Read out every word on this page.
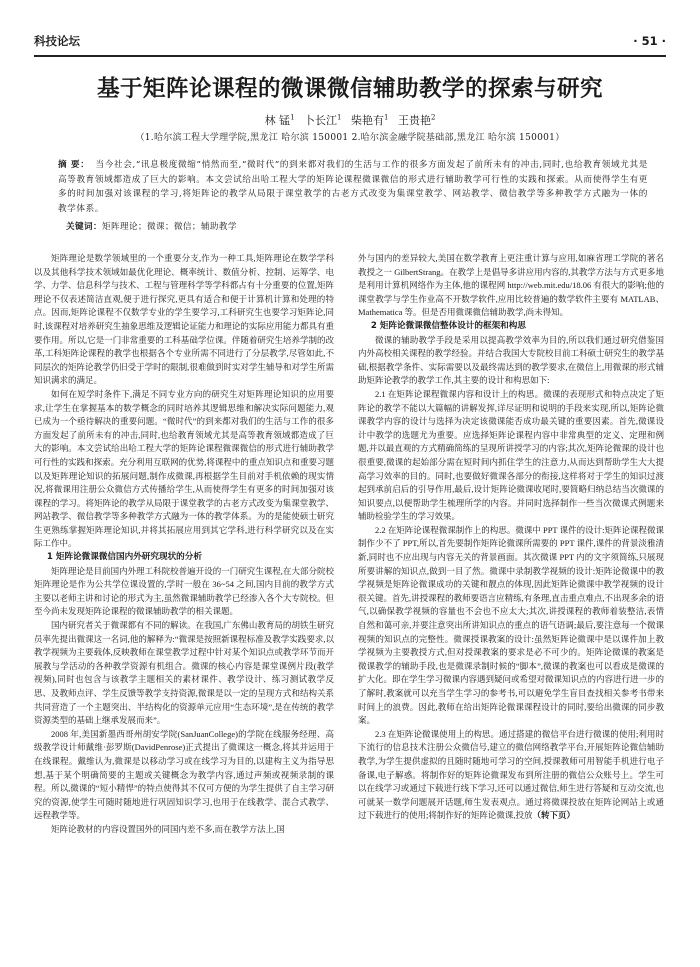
科技论坛	· 51 ·
基于矩阵论课程的微课微信辅助教学的探索与研究
林 锰$^1$ 卜长江$^1$ 柴艳有$^1$ 王贵艳$^2$
（1.哈尔滨工程大学理学院,黑龙江 哈尔滨 150001 2.哈尔滨金融学院基础部,黑龙江 哈尔滨 150001）
摘 要： 当今社会,“讯息极度微缩”悄然而至,“微时代”的到来都对我们的生活与工作的很多方面发起了前所未有的冲击,同时,也给教育领域尤其是高等教育领域都造成了巨大的影响。本文尝试给出哈工程大学的矩阵论课程微课微信的形式进行辅助教学可行性的实践和探索。从而使得学生有更多的时间加强对该课程的学习,将矩阵论的教学从局限于课堂教学的古老方式改变为集课堂教学、网站教学、微信教学等多种教学方式融为一体的教学体系。
关键词：矩阵理论；微课；微信；辅助教学

矩阵理论是数学领域里的一个重要分支,作为一种工具,矩阵理论在数学学科以及其他科学技术领域如最优化理论、概率统计、数值分析、控制、运筹学、电学、力学、信息科学与技术、工程与管理科学等学科都占有十分重要的位置,矩阵理论不仅表述简洁直观,便于进行探究,更具有适合和便于计算机计算和处理的特点。因而,矩阵论课程不仅数学专业的学生要学习,工科研究生也要学习矩阵论,同时,该课程对培养研究生抽象思维及逻辑论证能力和理论的实际应用能力都具有重要作用。所以,它是一门非常重要的工科基础学位课。伴随着研究生培养学制的改革,工科矩阵论课程的教学也根据各个专业所需不同进行了分层教学,尽管如此,不同层次的矩阵论教学仍旧受于学时的限制,很难做到时实对学生辅导和对学生所需知识满求的满足。

如何在短学时条件下,满足不同专业方向的研究生对矩阵理论知识的应用要求,让学生在掌握基本的数学概念的同时培养其逻辑思维和解决实际问题能力,观已成为一个亟待解决的重要问题。“微时代”的到来都对我们的生活与工作的很多方面发起了前所未有的冲击,同时,也给教育领域尤其是高等教育领域都造成了巨大的影响。本文尝试给出哈工程大学的矩阵论课程微课微信的形式进行辅助教学可行性的实践和探索。充分利用互联网的优势,将课程中的重点知识点和重要习题以及矩阵理论知识的拓展问题,制作成微课,再根据学生目前对手机依赖的现实情况,将微课用注册公众微信方式传播给学生,从而使得学生有更多的时间加强对该课程的学习。将矩阵论的教学从局限于课堂教学的古老方式改变为集课堂教学、网站教学、微信教学等多种教学方式融为一体的教学体系。为的是能使硕士研究生更熟练掌握矩阵理论知识,并将其拓展应用到其它学科,进行科学研究以及在实际工作中。

1 矩阵论微课微信国内外研究现状的分析

矩阵理论是目前国内外理工科院校普遍开设的一门研究生课程,在大部分院校矩阵理论是作为公共学位课设置的,学时一般在 36~54 之间,国内目前的教学方式主要以老师主讲和讨论的形式为主,虽然微课辅助教学已经渗入各个大专院校。但至今尚未发现矩阵论课程的微课辅助教学的相关课题。

国内研究者关于微课都有不同的解读。在我国,广东佛山教育局的胡铁生研究员率先提出微课这一名词,他的解释为:“微课是按照新课程标准及教学实践要求,以教学视频为主要载体,反映教师在课堂教学过程中针对某个知识点或教学环节而开展教与学活动的各种教学资源有机组合。微课的核心内容是课堂课例片段(教学视频),同时也包含与该教学主题相关的素材课件、教学设计、练习测试教学反思、及教师点评、学生反馈等教学支持资源,微课是以一定的呈现方式和结构关系共同营造了一个主题突出、半结构化的资源单元应用“生态环境”,是在传统的教学资源类型的基础上继承发展而来”。

2008 年,美国新墨西哥州胡安学院(SanJuanCollege)的学院在线服务经理、高级教学设计师戴维·彭罗斯(DavidPenrose)正式提出了微课这一概念,将其并运用于在线课程。戴维认为,微课是以移动学习或在线学习为目的,以建构主义为指导思想,基于某个明确简要的主题或关键概念为教学内容,通过声频或视频录制的课程。所以,微课的“短小精悍”的特点使得其不仅可方便的为学生提供了自主学习研究的资源,使学生可随时随地进行巩固知识学习,也用于在线教学、混合式教学、远程教学等。

矩阵论教材的内容设置国外的同国内差不多,而在教学方法上,国

外与国内的差异较大,美国在数学教育上更注重计算与应用,如麻省理工学院的著名教授之一 GilbertStrang。在教学上是倡导多讲应用内容的,其教学方法与方式更多地是利用计算机网络作为主体,他的课程网 http://web.mit.edu/18.06 有很大的影响;他的课堂教学与学生作业高不开数学软件,应用比较普遍的数学软件主要有 MATLAB、Mathematica 等。但是否用微课微信辅助教学,尚未得知。

2 矩阵论微课微信整体设计的框架和构思

微课的辅助教学手段是采用以提高教学效率为目的,所以我们通过研究借鉴国内外高校相关课程的教学经验。并结合我国大专院校目前工科硕士研究生的教学基础,根据教学条件、实际需要以及最终需达到的教学要求,在微信上,用微课的形式辅助矩阵论教学的教学工作,其主要的设计和构思如下:

2.1 在矩阵论课程微课内容和设计上的构思。微课的表现形式和特点决定了矩阵论的教学不能以大篇幅的讲解发挥,详尽证明和说明的手段来实现,所以,矩阵论微课教学内容的设计与选择为决定该微课能否成功最关键的重要因素。首先,微课设计中教学的选题尤为重要。应选择矩阵论课程内容中非常典型的定义、定理和例题,并以最直观的方式精确简练的呈现所讲授学习的内容;其次,矩阵论微课的设计也很重要,微课的起始部分需在短时间内抓住学生的注意力,从而达到帮助学生大大提高学习效率的目的。同时,也要做好微课各部分的衔接,这样将对于学生的知识过渡起到承前启后的引导作用,最后,设计矩阵论微课收尾时,要简略归纳总结当次微课的知识要点,以便帮助学生梳理所学的内容。并同时选择制作一些当次微课式例题来辅助检验学生的学习效果。

2.2 在矩阵论课程微课制作上的构思。微课中 PPT 课件的设计:矩阵论课程微课制作少不了 PPT,所以,首先要制作矩阵论微课所需要的 PPT 课件,课件的背景淡雅清新,同时也不应出现与内容无关的背景画面。其次微课 PPT 内的文字须简练,只展现所要讲解的知识点,做到一目了然。微课中录制教学视频的设计:矩阵论微课中的教学视频是矩阵论微课成功的关键和靓点的体现,因此矩阵论微课中教学视频的设计很关键。首先,讲授课程的教师要语言应精练,有条理,直击重点难点,不出现多余的语气,以确保教学视频的容量也不会也不应太大;其次,讲授课程的教师着装整洁,表情自然和蔼可亲,并要注意突出所讲知识点的重点的语气语调;最后,要注意每一个微课视频的知识点的完整性。微课授课教案的设计:虽然矩阵论微课中是以课件加上教学视频为主要教授方式,但对授课教案的要求是必不可少的。矩阵论微课的教案是微课教学的辅助手段,也是微课录制时候的“脚本”,微课的教案也可以看成是微课的扩大化。即在学生学习微课内容遇到疑问或希望对微课知识点的内容进行进一步的了解时,教案就可以充当学生学习的参考书,可以避免学生盲目查找相关参考书带来时间上的浪费。因此,教师在给出矩阵论微课课程设计的同时,要给出微课的同步教案。

2.3 在矩阵论微课使用上的构思。通过搭建的微信平台进行微课的使用;利用时下流行的信息技术注册公众微信号,建立的微信网络教学平台,开展矩阵论微信辅助教学,为学生提供虚拟的且随时随地可学习的空间,授课教师可用智能手机进行电子备课,电子解惑。将制作好的矩阵论微课发布到所注册的微信公众账号上。学生可以在线学习或通过下载进行线下学习,还可以通过微信,师生进行答疑和互动交流,也可就某一数学问题展开话题,师生发表观点。通过将微课投放在矩阵论网站上或通过下载进行的使用;将制作好的矩阵论微课,投放（转下页）
